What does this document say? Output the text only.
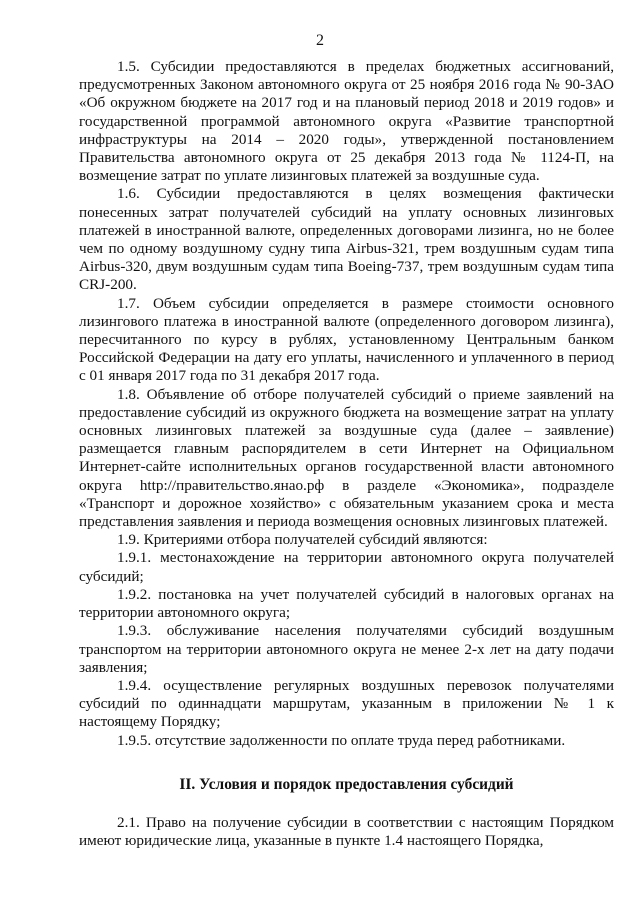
2

1.5. Субсидии предоставляются в пределах бюджетных ассигнований, предусмотренных Законом автономного округа от 25 ноября 2016 года № 90-ЗАО «Об окружном бюджете на 2017 год и на плановый период 2018 и 2019 годов» и государственной программой автономного округа «Развитие транспортной инфраструктуры на 2014 – 2020 годы», утвержденной постановлением Правительства автономного округа от 25 декабря 2013 года № 1124-П, на возмещение затрат по уплате лизинговых платежей за воздушные суда.

1.6. Субсидии предоставляются в целях возмещения фактически понесенных затрат получателей субсидий на уплату основных лизинговых платежей в иностранной валюте, определенных договорами лизинга, но не более чем по одному воздушному судну типа Airbus-321, трем воздушным судам типа Airbus-320, двум воздушным судам типа Boeing-737, трем воздушным судам типа CRJ-200.

1.7. Объем субсидии определяется в размере стоимости основного лизингового платежа в иностранной валюте (определенного договором лизинга), пересчитанного по курсу в рублях, установленному Центральным банком Российской Федерации на дату его уплаты, начисленного и уплаченного в период с 01 января 2017 года по 31 декабря 2017 года.

1.8. Объявление об отборе получателей субсидий о приеме заявлений на предоставление субсидий из окружного бюджета на возмещение затрат на уплату основных лизинговых платежей за воздушные суда (далее – заявление) размещается главным распорядителем в сети Интернет на Официальном Интернет-сайте исполнительных органов государственной власти автономного округа http://правительство.янао.рф в разделе «Экономика», подразделе «Транспорт и дорожное хозяйство» с обязательным указанием срока и места представления заявления и периода возмещения основных лизинговых платежей.

1.9. Критериями отбора получателей субсидий являются:

1.9.1. местонахождение на территории автономного округа получателей субсидий;

1.9.2. постановка на учет получателей субсидий в налоговых органах на территории автономного округа;

1.9.3. обслуживание населения получателями субсидий воздушным транспортом на территории автономного округа не менее 2-х лет на дату подачи заявления;

1.9.4. осуществление регулярных воздушных перевозок получателями субсидий по одиннадцати маршрутам, указанным в приложении № 1 к настоящему Порядку;

1.9.5. отсутствие задолженности по оплате труда перед работниками.

II. Условия и порядок предоставления субсидий

2.1. Право на получение субсидии в соответствии с настоящим Порядком имеют юридические лица, указанные в пункте 1.4 настоящего Порядка,
